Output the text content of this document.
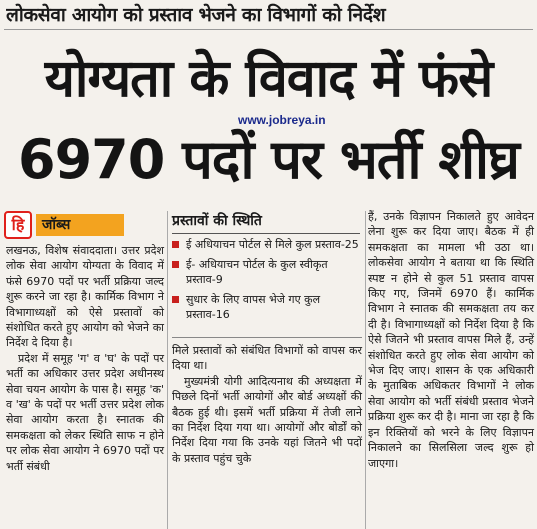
लोकसेवा आयोग को प्रस्ताव भेजने का विभागों को निर्देश
योग्यता के विवाद में फंसे
www.jobreya.in
6970 पदों पर भर्ती शीघ्र
हि	जॉब्स

लखनऊ, विशेष संवाददाता। उत्तर प्रदेश लोक सेवा आयोग योग्यता के विवाद में फंसे 6970 पदों पर भर्ती प्रक्रिया जल्द शुरू करने जा रहा है। कार्मिक विभाग ने विभागाध्यक्षों को ऐसे प्रस्तावों को संशोधित करते हुए आयोग को भेजने का निर्देश दे दिया है।

प्रदेश में समूह 'ग' व 'घ' के पदों पर भर्ती का अधिकार उत्तर प्रदेश अधीनस्थ सेवा चयन आयोग के पास है। समूह 'क' व 'ख' के पदों पर भर्ती उत्तर प्रदेश लोक सेवा आयोग करता है। स्नातक की समकक्षता को लेकर स्थिति साफ न होने पर लोक सेवा आयोग ने 6970 पदों पर भर्ती संबंधी

प्रस्तावों की स्थिति
ई अधियाचन पोर्टल से मिले कुल प्रस्ताव-25
ई- अधियाचन पोर्टल के कुल स्वीकृत प्रस्ताव-9
सुधार के लिए वापस भेजे गए कुल प्रस्ताव-16

मिले प्रस्तावों को संबंधित विभागों को वापस कर दिया था।

मुख्यमंत्री योगी आदित्यनाथ की अध्यक्षता में पिछले दिनों भर्ती आयोगों और बोर्ड अध्यक्षों की बैठक हुई थी। इसमें भर्ती प्रक्रिया में तेजी लाने का निर्देश दिया गया था। आयोगों और बोर्डों को निर्देश दिया गया कि उनके यहां जितने भी पदों के प्रस्ताव पहुंच चुके

हैं, उनके विज्ञापन निकालते हुए आवेदन लेना शुरू कर दिया जाए। बैठक में ही समकक्षता का मामला भी उठा था। लोकसेवा आयोग ने बताया था कि स्थिति स्पष्ट न होने से कुल 51 प्रस्ताव वापस किए गए, जिनमें 6970 हैं। कार्मिक विभाग ने स्नातक की समकक्षता तय कर दी है। विभागाध्यक्षों को निर्देश दिया है कि ऐसे जितने भी प्रस्ताव वापस मिले हैं, उन्हें संशोधित करते हुए लोक सेवा आयोग को भेज दिए जाए। शासन के एक अधिकारी के मुताबिक अधिकतर विभागों ने लोक सेवा आयोग को भर्ती संबंधी प्रस्ताव भेजने प्रक्रिया शुरू कर दी है। माना जा रहा है कि इन रिक्तियों को भरने के लिए विज्ञापन निकालने का सिलसिला जल्द शुरू हो जाएगा।
